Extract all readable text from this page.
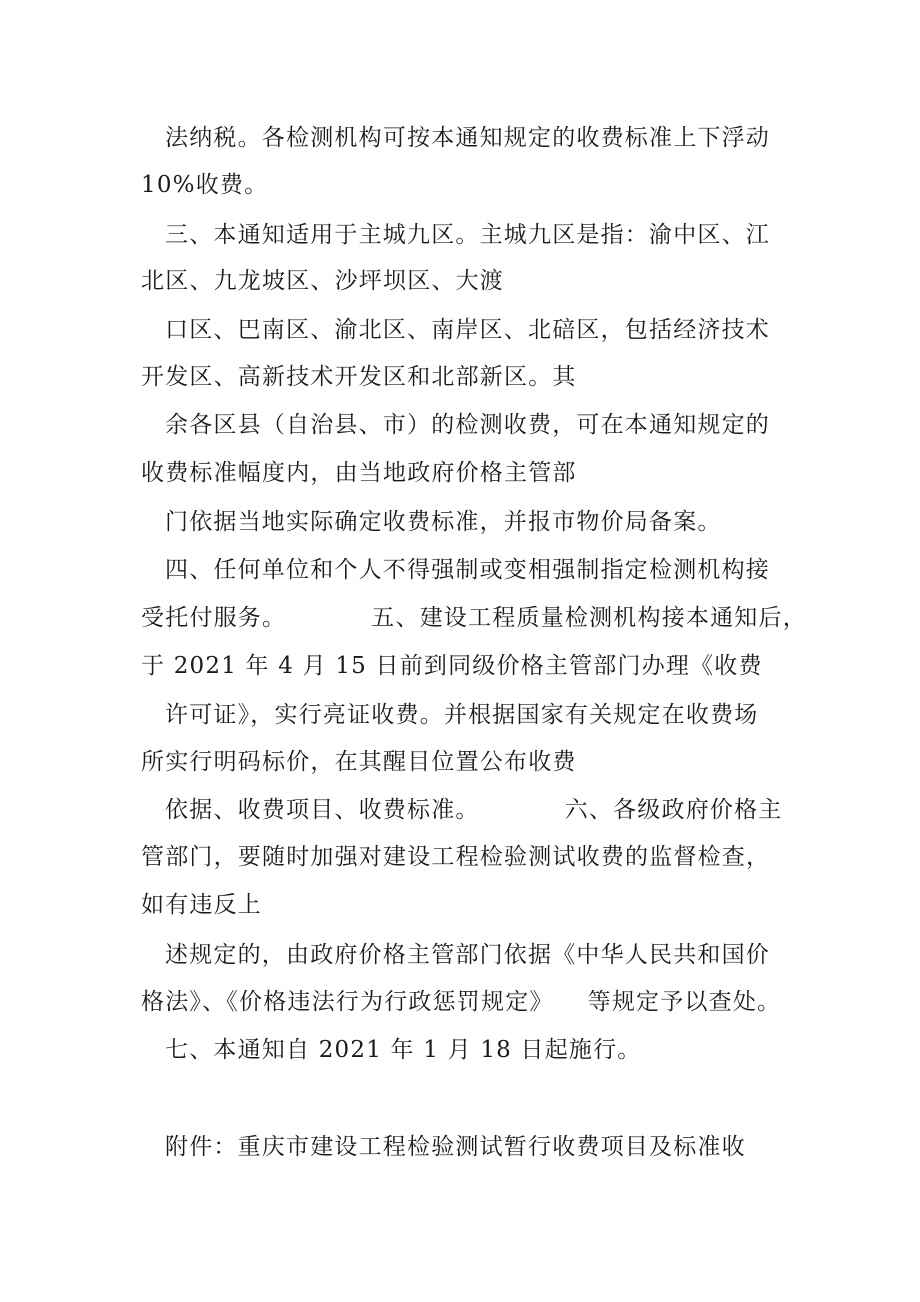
法纳税。各检测机构可按本通知规定的收费标准上下浮动
10%收费。
三、本通知适用于主城九区。主城九区是指：渝中区、江
北区、九龙坡区、沙坪坝区、大渡
口区、巴南区、渝北区、南岸区、北碚区，包括经济技术
开发区、高新技术开发区和北部新区。其
余各区县（自治县、市）的检测收费，可在本通知规定的
收费标准幅度内，由当地政府价格主管部
门依据当地实际确定收费标准，并报市物价局备案。
四、任何单位和个人不得强制或变相强制指定检测机构接
受托付服务。          五、建设工程质量检测机构接本通知后，
于 2021 年 4 月 15 日前到同级价格主管部门办理《收费
许可证》，实行亮证收费。并根据国家有关规定在收费场
所实行明码标价，在其醒目位置公布收费
依据、收费项目、收费标准。          六、各级政府价格主
管部门，要随时加强对建设工程检验测试收费的监督检查，
如有违反上
述规定的，由政府价格主管部门依据《中华人民共和国价
格法》、《价格违法行为行政惩罚规定》    等规定予以查处。
七、本通知自 2021 年 1 月 18 日起施行。
附件：重庆市建设工程检验测试暂行收费项目及标准收
